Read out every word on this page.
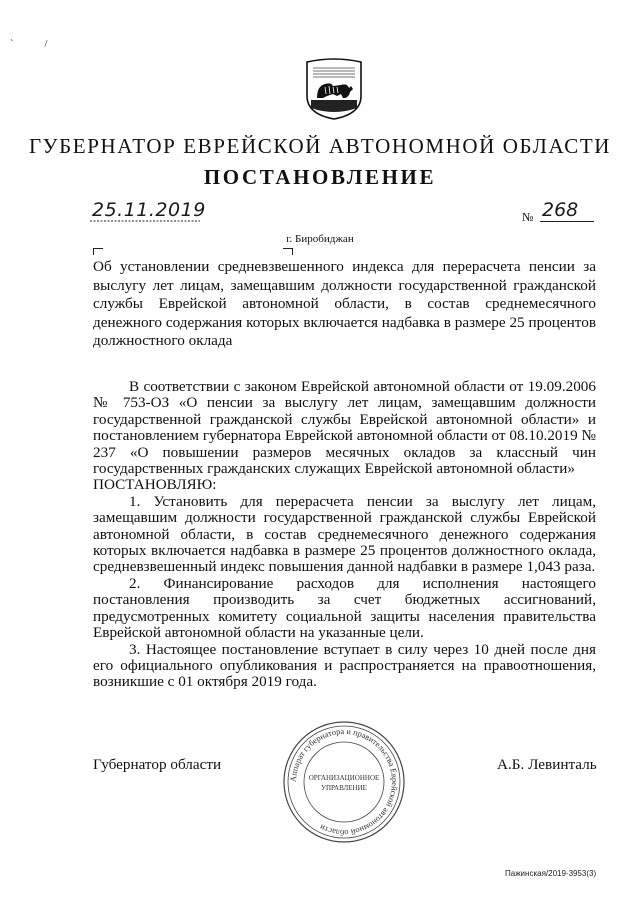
` /
ГУБЕРНАТОР ЕВРЕЙСКОЙ АВТОНОМНОЙ ОБЛАСТИ
ПОСТАНОВЛЕНИЕ
25.11.2019	№ 268
г. Биробиджан
Об установлении средневзвешенного индекса для перерасчета пенсии за выслугу лет лицам, замещавшим должности государственной гражданской службы Еврейской автономной области, в состав среднемесячного денежного содержания которых включается надбавка в размере 25 процентов должностного оклада

В соответствии с законом Еврейской автономной области от 19.09.2006 № 753-ОЗ «О пенсии за выслугу лет лицам, замещавшим должности государственной гражданской службы Еврейской автономной области» и постановлением губернатора Еврейской автономной области от 08.10.2019 № 237 «О повышении размеров месячных окладов за классный чин государственных гражданских служащих Еврейской автономной области»

ПОСТАНОВЛЯЮ:

1. Установить для перерасчета пенсии за выслугу лет лицам, замещавшим должности государственной гражданской службы Еврейской автономной области, в состав среднемесячного денежного содержания которых включается надбавка в размере 25 процентов должностного оклада, средневзвешенный индекс повышения данной надбавки в размере 1,043 раза.

2. Финансирование расходов для исполнения настоящего постановления производить за счет бюджетных ассигнований, предусмотренных комитету социальной защиты населения правительства Еврейской автономной области на указанные цели.

3. Настоящее постановление вступает в силу через 10 дней после дня его официального опубликования и распространяется на правоотношения, возникшие с 01 октября 2019 года.

Губернатор области	А.Б. Левинталь
Аппарат губернатора и правительства Еврейской автономной области
ОРГАНИЗАЦИОННОЕ
УПРАВЛЕНИЕ
Пажинская/2019-3953(3)
